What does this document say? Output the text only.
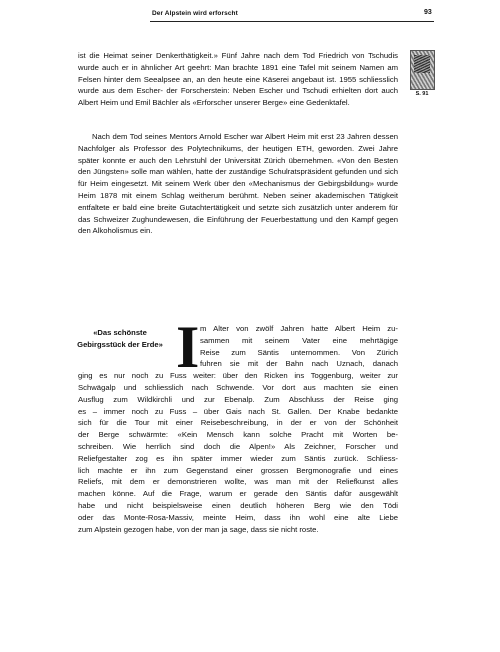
Der Alpstein wird erforscht	93

ist die Heimat seiner Denkerthätigkeit.» Fünf Jahre nach dem Tod Friedrich von Tschudis wurde auch er in ähnlicher Art geehrt: Man brachte 1891 eine Tafel mit seinem Namen am Felsen hinter dem Seealpsee an, an den heute eine Käserei angebaut ist. 1955 schliesslich wurde aus dem Escher- der Forscherstein: Neben Escher und Tschudi erhielten dort auch Albert Heim und Emil Bächler als «Erforscher unserer Berge» eine Gedenktafel.

Nach dem Tod seines Mentors Arnold Escher war Albert Heim mit erst 23 Jahren dessen Nachfolger als Professor des Polytechnikums, der heutigen ETH, geworden. Zwei Jahre später konnte er auch den Lehrstuhl der Universität Zürich übernehmen. «Von den Besten den Jüngsten» solle man wählen, hatte der zuständige Schulratspräsident gefunden und sich für Heim eingesetzt. Mit seinem Werk über den «Mechanismus der Gebirgsbildung» wurde Heim 1878 mit einem Schlag weitherum berühmt. Neben seiner akademischen Tätigkeit entfaltete er bald eine breite Gutachtertätigkeit und setzte sich zusätzlich unter anderem für das Schweizer Zughundewesen, die Einführung der Feuerbestattung und den Kampf gegen den Alkoholismus ein.

S. 91
«Das schönste Gebirgsstück der Erde» I m Alter von zwölf Jahren hatte Albert Heim zu-
sammen mit seinem Vater eine mehrtägige
Reise zum Säntis unternommen. Von Zürich
fuhren sie mit der Bahn nach Uznach, danach
ging es nur noch zu Fuss weiter: über den Ricken ins Toggenburg, weiter zur
Schwägalp und schliesslich nach Schwende. Vor dort aus machten sie einen
Ausflug zum Wildkirchli und zur Ebenalp. Zum Abschluss der Reise ging
es – immer noch zu Fuss – über Gais nach St. Gallen. Der Knabe bedankte
sich für die Tour mit einer Reisebeschreibung, in der er von der Schönheit
der Berge schwärmte: «Kein Mensch kann solche Pracht mit Worten be-
schreiben. Wie herrlich sind doch die Alpen!» Als Zeichner, Forscher und
Reliefgestalter zog es ihn später immer wieder zum Säntis zurück. Schliess-
lich machte er ihn zum Gegenstand einer grossen Bergmonografie und eines
Reliefs, mit dem er demonstrieren wollte, was man mit der Reliefkunst alles
machen könne. Auf die Frage, warum er gerade den Säntis dafür ausgewählt
habe und nicht beispielsweise einen deutlich höheren Berg wie den Tödi
oder das Monte-Rosa-Massiv, meinte Heim, dass ihn wohl eine alte Liebe
zum Alpstein gezogen habe, von der man ja sage, dass sie nicht roste.
